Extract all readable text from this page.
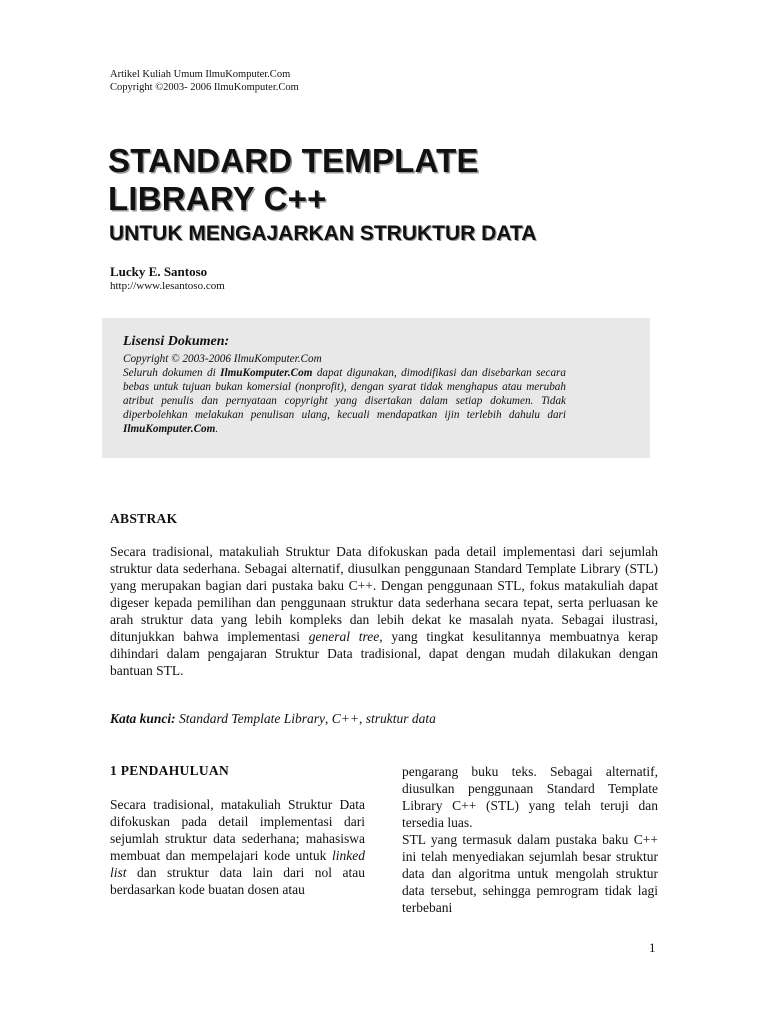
Artikel Kuliah Umum IlmuKomputer.Com
Copyright ©2003- 2006 IlmuKomputer.Com
STANDARD TEMPLATE
LIBRARY C++
UNTUK MENGAJARKAN STRUKTUR DATA
Lucky E. Santoso
http://www.lesantoso.com
Lisensi Dokumen:

Copyright © 2003-2006 IlmuKomputer.Com

Seluruh dokumen di IlmuKomputer.Com dapat digunakan, dimodifikasi dan disebarkan secara bebas untuk tujuan bukan komersial (nonprofit), dengan syarat tidak menghapus atau merubah atribut penulis dan pernyataan copyright yang disertakan dalam setiap dokumen. Tidak diperbolehkan melakukan penulisan ulang, kecuali mendapatkan ijin terlebih dahulu dari IlmuKomputer.Com.

ABSTRAK

Secara tradisional, matakuliah Struktur Data difokuskan pada detail implementasi dari sejumlah struktur data sederhana. Sebagai alternatif, diusulkan penggunaan Standard Template Library (STL) yang merupakan bagian dari pustaka baku C++. Dengan penggunaan STL, fokus matakuliah dapat digeser kepada pemilihan dan penggunaan struktur data sederhana secara tepat, serta perluasan ke arah struktur data yang lebih kompleks dan lebih dekat ke masalah nyata. Sebagai ilustrasi, ditunjukkan bahwa implementasi general tree, yang tingkat kesulitannya membuatnya kerap dihindari dalam pengajaran Struktur Data tradisional, dapat dengan mudah dilakukan dengan bantuan STL.

Kata kunci: Standard Template Library, C++, struktur data
1 PENDAHULUAN

Secara tradisional, matakuliah Struktur Data difokuskan pada detail implementasi dari sejumlah struktur data sederhana; mahasiswa membuat dan mempelajari kode untuk linked list dan struktur data lain dari nol atau berdasarkan kode buatan dosen atau

pengarang buku teks. Sebagai alternatif, diusulkan penggunaan Standard Template Library C++ (STL) yang telah teruji dan tersedia luas.

STL yang termasuk dalam pustaka baku C++ ini telah menyediakan sejumlah besar struktur data dan algoritma untuk mengolah struktur data tersebut, sehingga pemrogram tidak lagi terbebani

1
